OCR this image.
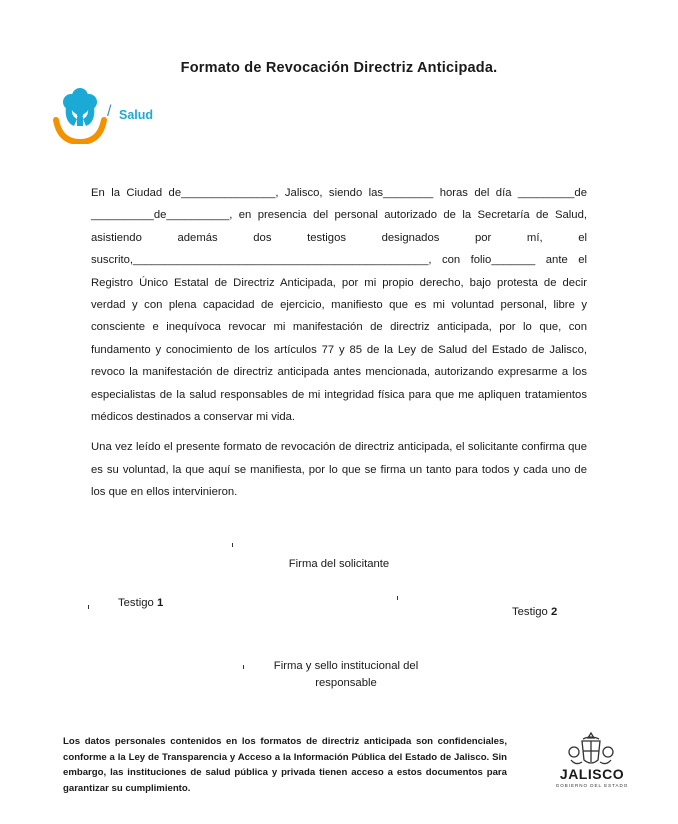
Formato de Revocación Directriz Anticipada.
/ Salud

En la Ciudad de_______________, Jalisco, siendo las________ horas del día _________de __________de__________, en presencia del personal autorizado de la Secretaría de Salud, asistiendo además dos testigos designados por mí, el suscrito,_______________________________________________, con folio_______ ante el Registro Único Estatal de Directriz Anticipada, por mi propio derecho, bajo protesta de decir verdad y con plena capacidad de ejercicio, manifiesto que es mi voluntad personal, libre y consciente e inequívoca revocar mi manifestación de directriz anticipada, por lo que, con fundamento y conocimiento de los artículos 77 y 85 de la Ley de Salud del Estado de Jalisco, revoco la manifestación de directriz anticipada antes mencionada, autorizando expresarme a los especialistas de la salud responsables de mi integridad física para que me apliquen tratamientos médicos destinados a conservar mi vida.

Una vez leído el presente formato de revocación de directriz anticipada, el solicitante confirma que es su voluntad, la que aquí se manifiesta, por lo que se firma un tanto para todos y cada uno de los que en ellos intervinieron.

Firma del solicitante
Testigo 1
Testigo 2
Firma y sello institucional del
responsable
Los datos personales contenidos en los formatos de directriz anticipada son confidenciales, conforme a la Ley de Transparencia y Acceso a la Información Pública del Estado de Jalisco. Sin embargo, las instituciones de salud pública y privada tienen acceso a estos documentos para garantizar su cumplimiento.
JALISCO
GOBIERNO DEL ESTADO
